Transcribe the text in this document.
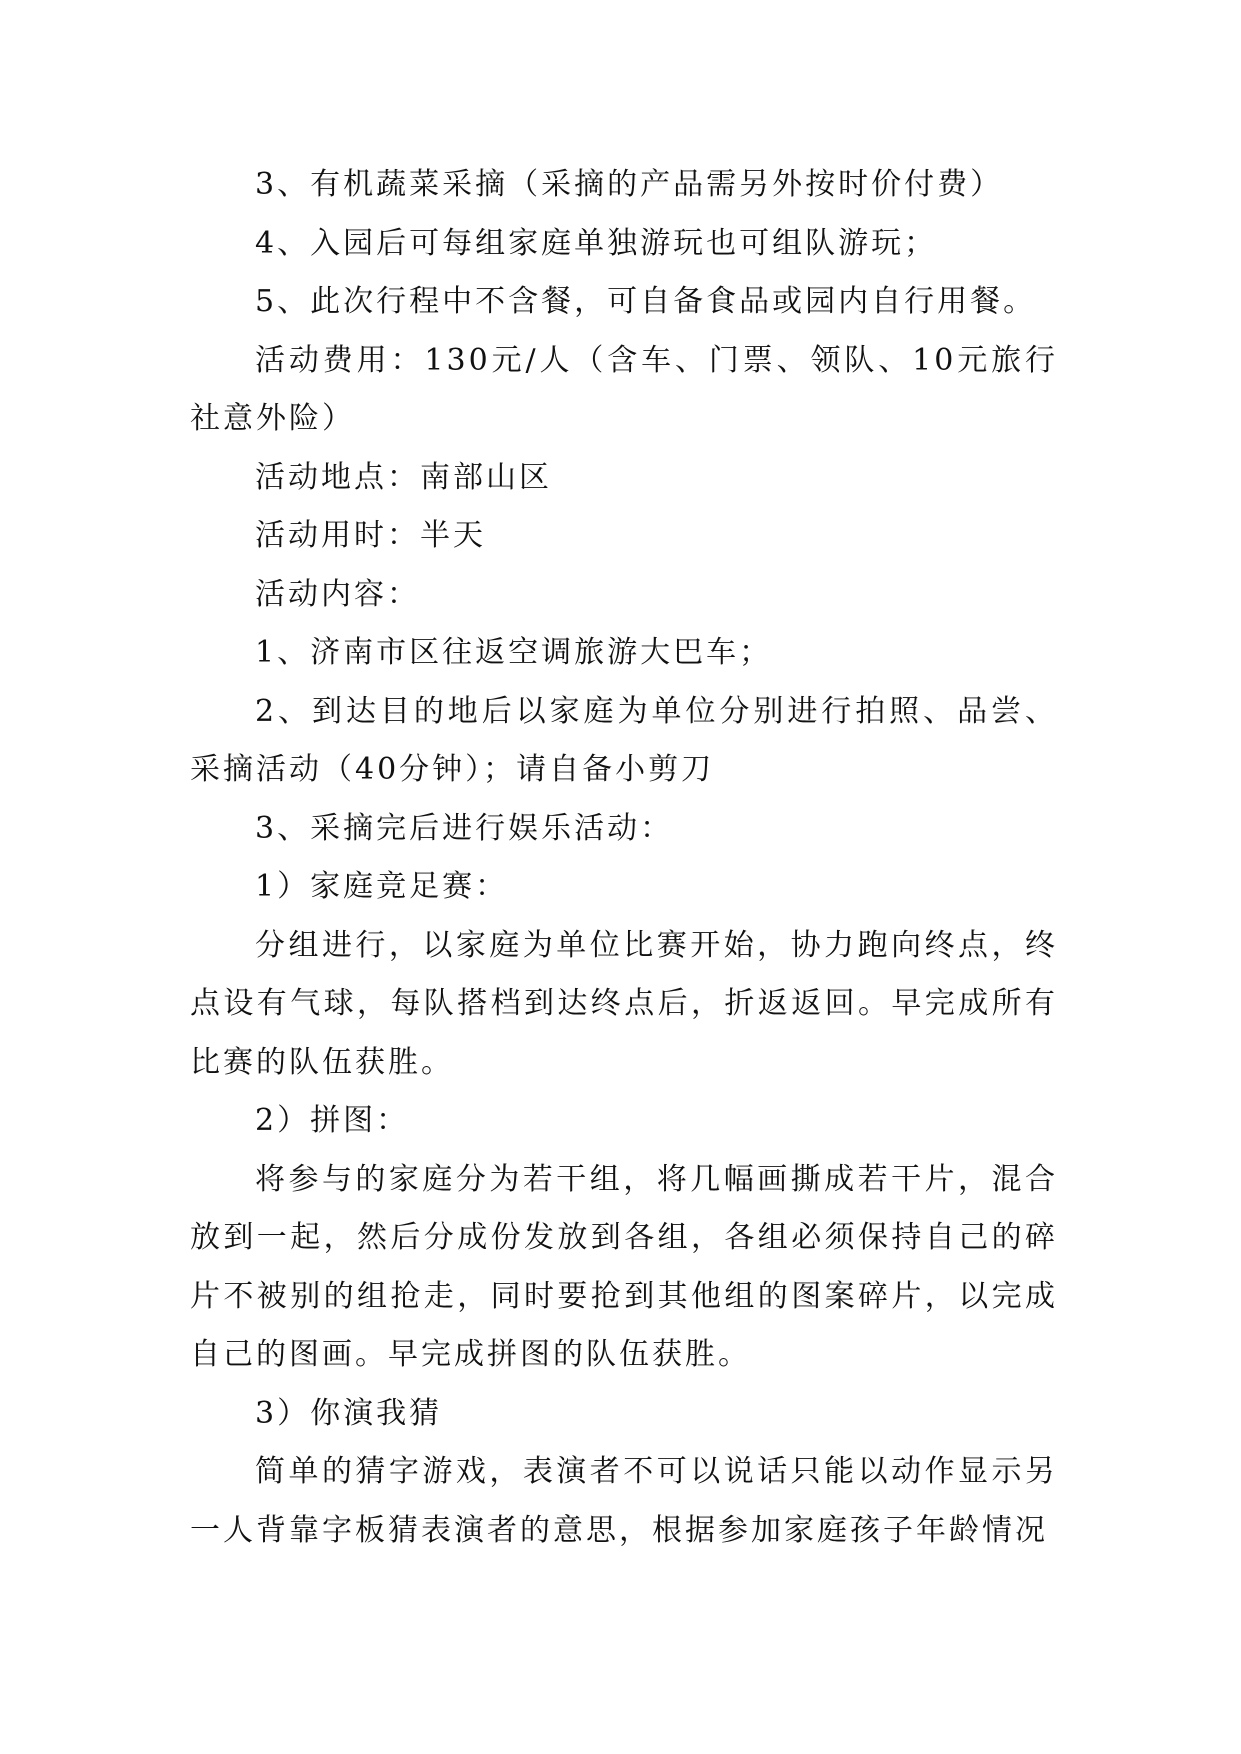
3、有机蔬菜采摘（采摘的产品需另外按时价付费）

4、入园后可每组家庭单独游玩也可组队游玩；

5、此次行程中不含餐，可自备食品或园内自行用餐。

活动费用：130元/人（含车、门票、领队、10元旅行社意外险）

活动地点：南部山区

活动用时：半天

活动内容：

1、济南市区往返空调旅游大巴车；

2、到达目的地后以家庭为单位分别进行拍照、品尝、采摘活动（40分钟）；请自备小剪刀

3、采摘完后进行娱乐活动：

1）家庭竞足赛：

分组进行，以家庭为单位比赛开始，协力跑向终点，终点设有气球，每队搭档到达终点后，折返返回。早完成所有比赛的队伍获胜。

2）拼图：

将参与的家庭分为若干组，将几幅画撕成若干片，混合放到一起，然后分成份发放到各组，各组必须保持自己的碎片不被别的组抢走，同时要抢到其他组的图案碎片，以完成自己的图画。早完成拼图的队伍获胜。

3）你演我猜

简单的猜字游戏，表演者不可以说话只能以动作显示另一人背靠字板猜表演者的意思，根据参加家庭孩子年龄情况
